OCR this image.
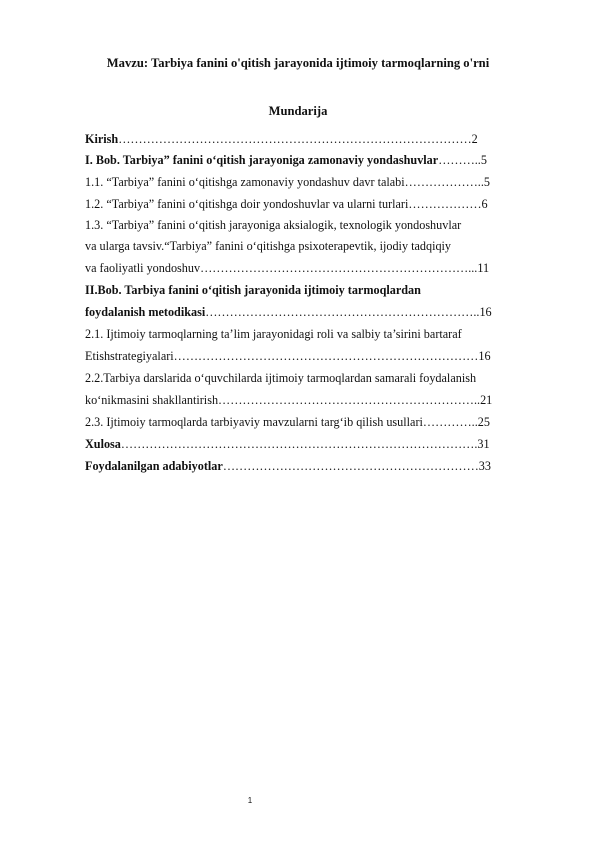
Mavzu: Tarbiya fanini o'qitish jarayonida ijtimoiy tarmoqlarning o'rni
Mundarija
Kirish……………………………………………………………………………2
I. Bob. Tarbiya” fanini o‘qitish jarayoniga zamonaviy yondashuvlar………..5
1.1. “Tarbiya” fanini o‘qitishga zamonaviy yondashuv davr talabi………………..5
1.2. “Tarbiya” fanini o‘qitishga doir yondoshuvlar va ularni turlari………………6
1.3. “Tarbiya” fanini o‘qitish jarayoniga aksialogik, texnologik yondoshuvlar
va ularga tavsiv.“Tarbiya” fanini o‘qitishga psixoterapevtik, ijodiy tadqiqiy
va faoliyatli yondoshuv…………………………………………………………...11
II.Bob. Tarbiya fanini o‘qitish jarayonida ijtimoiy tarmoqlardan
foydalanish metodikasi…………………………………………………………..16
2.1. Ijtimoiy tarmoqlarning ta’lim jarayonidagi roli va salbiy ta’sirini bartaraf
Etishstrategiyalari…………………………………………………………………16
2.2.Tarbiya darslarida o‘quvchilarda ijtimoiy tarmoqlardan samarali foydalanish
ko‘nikmasini shakllantirish………………………………………………………..21
2.3. Ijtimoiy tarmoqlarda tarbiyaviy mavzularni targ‘ib qilish usullari…………..25
Xulosa…………………………………………………………………………….31
Foydalanilgan adabiyotlar………………………………………………………33
1
